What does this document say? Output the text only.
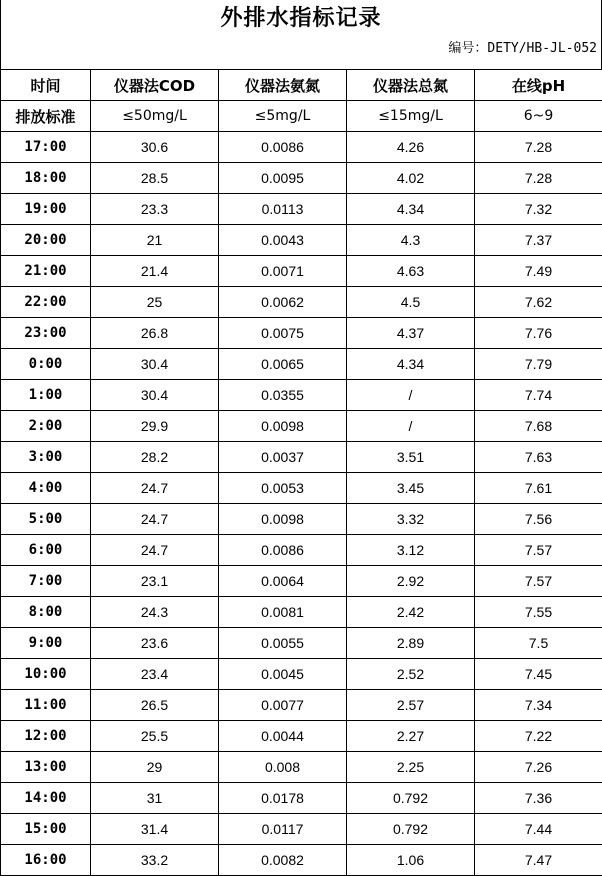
外排水指标记录
编号：DETY/HB-JL-052
时间	仪器法COD	仪器法氨氮	仪器法总氮	在线pH
排放标准	≤50mg/L	≤5mg/L	≤15mg/L	6~9
17:00	30.6	0.0086	4.26	7.28
18:00	28.5	0.0095	4.02	7.28
19:00	23.3	0.0113	4.34	7.32
20:00	21	0.0043	4.3	7.37
21:00	21.4	0.0071	4.63	7.49
22:00	25	0.0062	4.5	7.62
23:00	26.8	0.0075	4.37	7.76
0:00	30.4	0.0065	4.34	7.79
1:00	30.4	0.0355	/	7.74
2:00	29.9	0.0098	/	7.68
3:00	28.2	0.0037	3.51	7.63
4:00	24.7	0.0053	3.45	7.61
5:00	24.7	0.0098	3.32	7.56
6:00	24.7	0.0086	3.12	7.57
7:00	23.1	0.0064	2.92	7.57
8:00	24.3	0.0081	2.42	7.55
9:00	23.6	0.0055	2.89	7.5
10:00	23.4	0.0045	2.52	7.45
11:00	26.5	0.0077	2.57	7.34
12:00	25.5	0.0044	2.27	7.22
13:00	29	0.008	2.25	7.26
14:00	31	0.0178	0.792	7.36
15:00	31.4	0.0117	0.792	7.44
16:00	33.2	0.0082	1.06	7.47
